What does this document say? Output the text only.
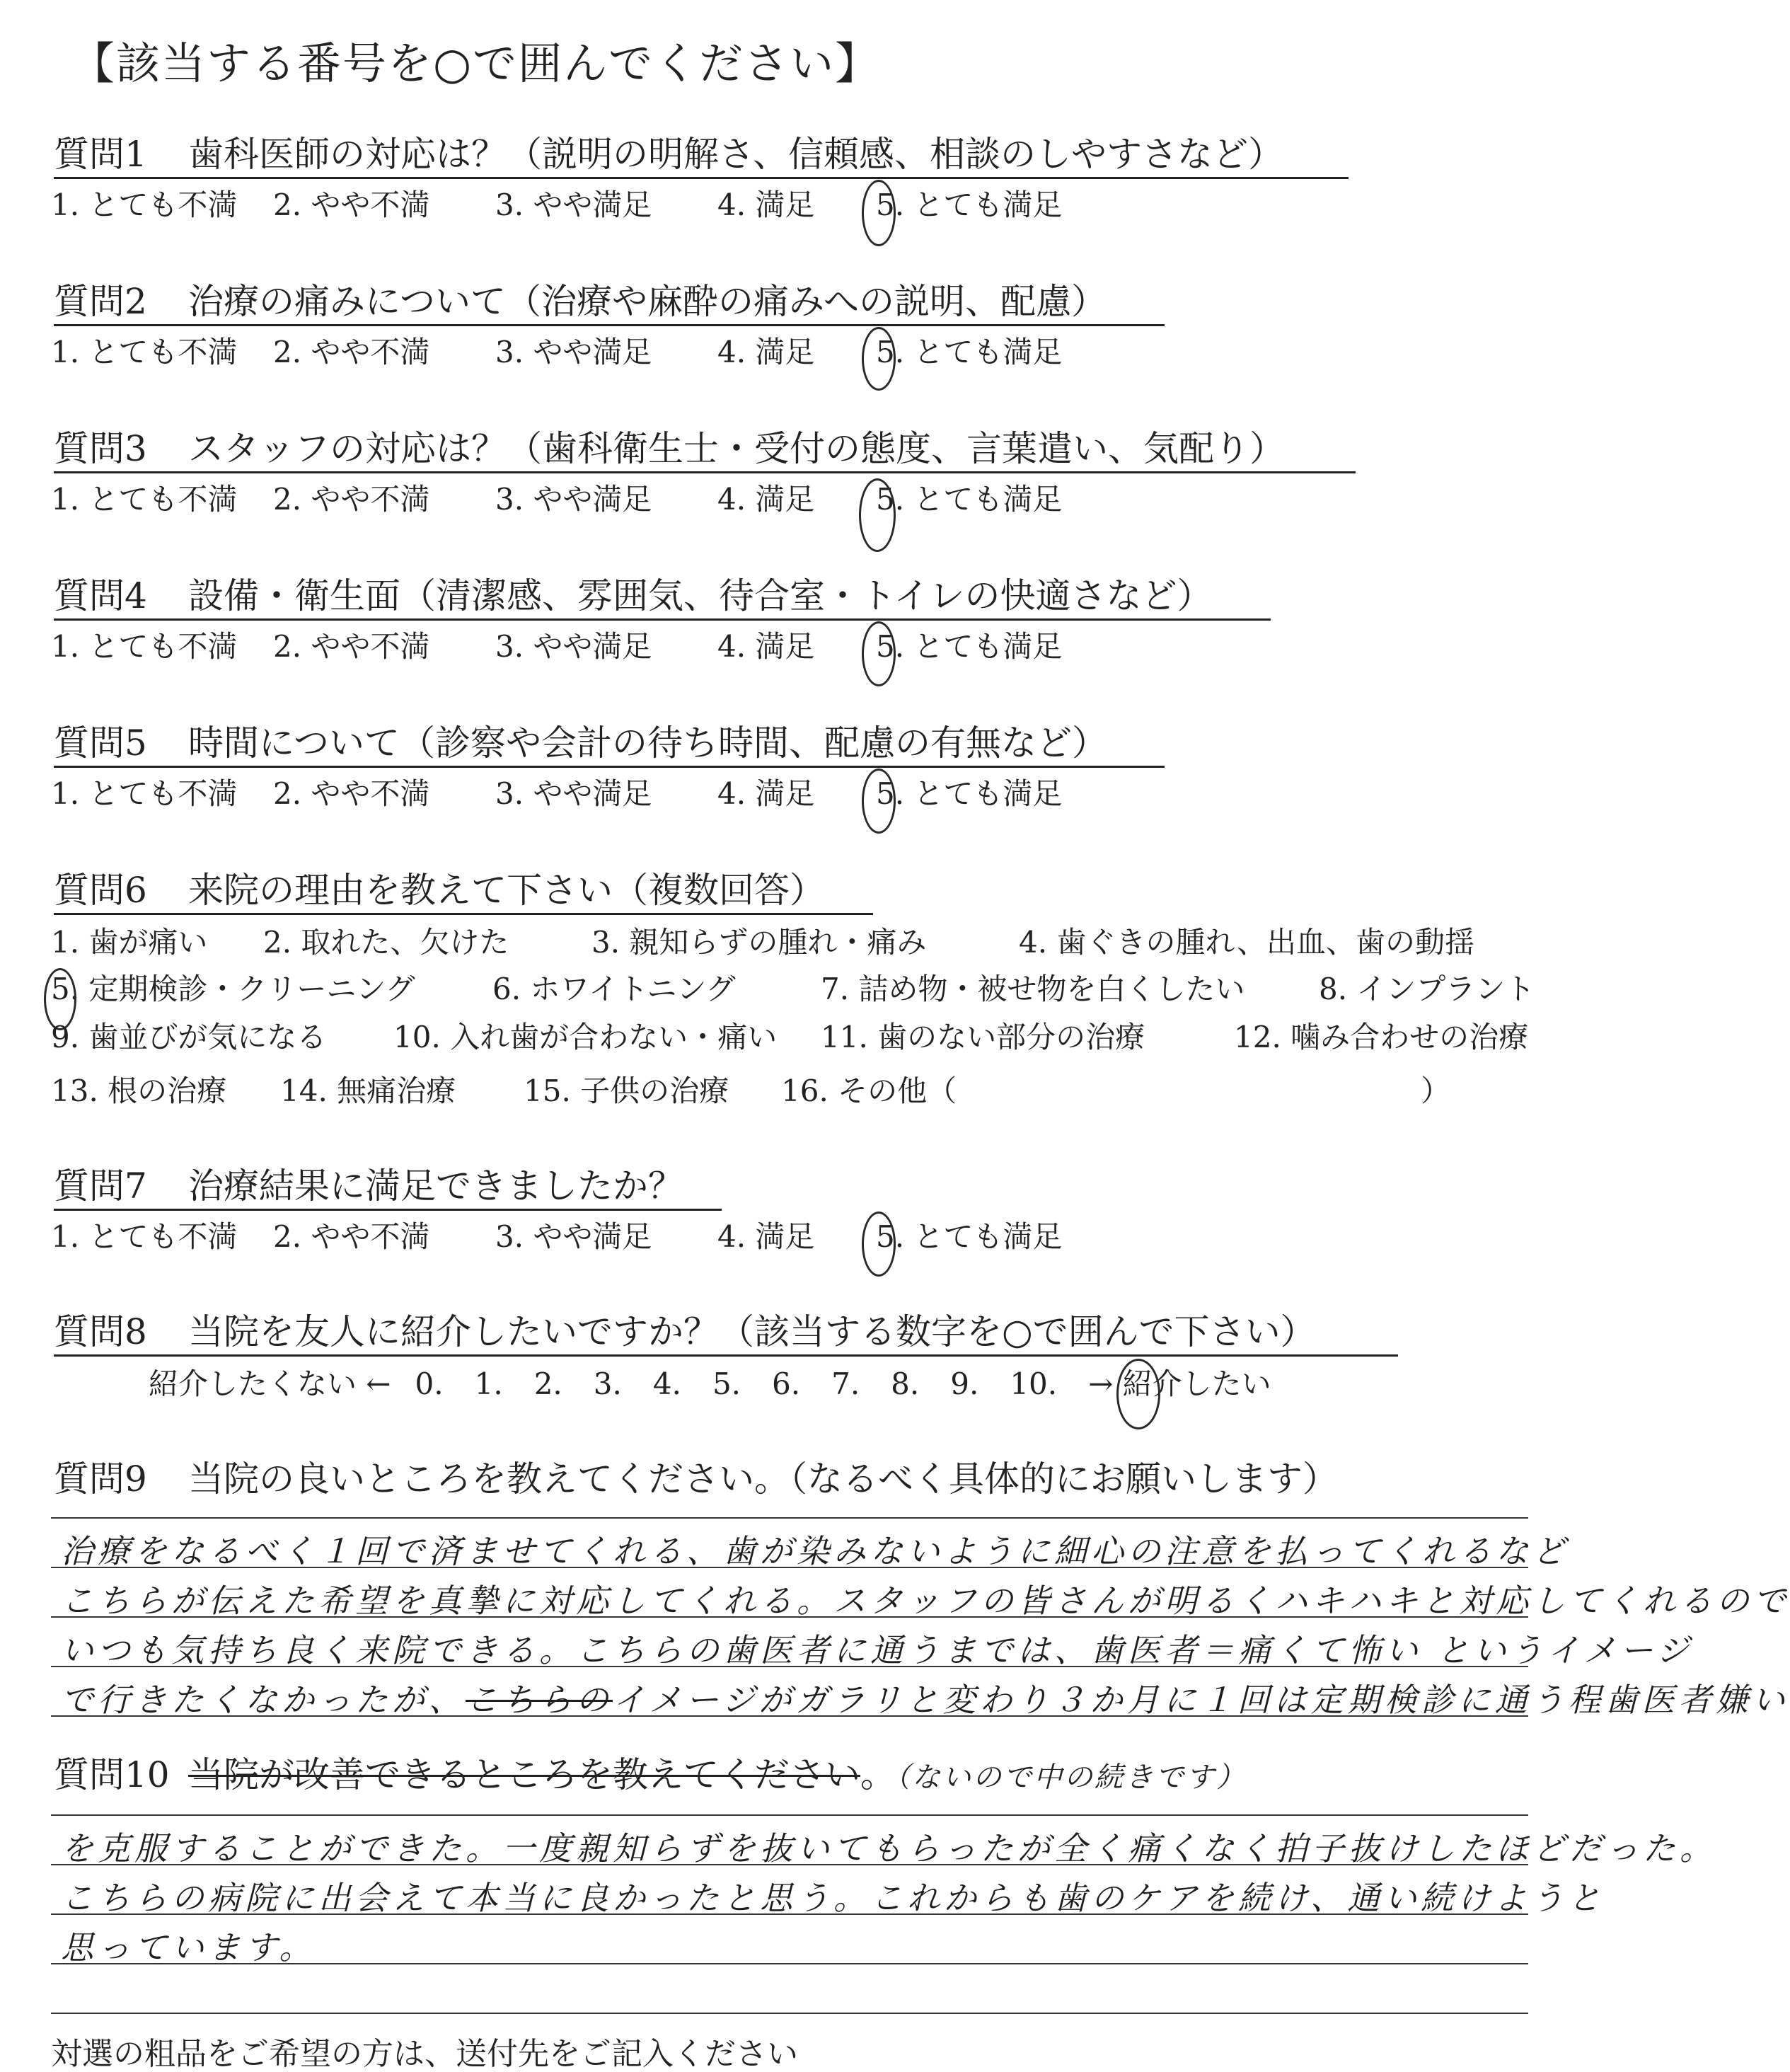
【該当する番号を○で囲んでください】
質問1 歯科医師の対応は？（説明の明解さ、信頼感、相談のしやすさなど）
1. とても不満 2. やや不満 3. やや満足 4. 満足 5. とても満足
質問2 治療の痛みについて（治療や麻酔の痛みへの説明、配慮）
1. とても不満 2. やや不満 3. やや満足 4. 満足 5. とても満足
質問3 スタッフの対応は？（歯科衛生士・受付の態度、言葉遣い、気配り）
1. とても不満 2. やや不満 3. やや満足 4. 満足 5. とても満足
質問4 設備・衛生面（清潔感、雰囲気、待合室・トイレの快適さなど）
1. とても不満 2. やや不満 3. やや満足 4. 満足 5. とても満足
質問5 時間について（診察や会計の待ち時間、配慮の有無など）
1. とても不満 2. やや不満 3. やや満足 4. 満足 5. とても満足
質問6 来院の理由を教えて下さい（複数回答）
1. 歯が痛い 2. 取れた、欠けた	3. 親知らずの腫れ・痛み	4. 歯ぐきの腫れ、出血、歯の動揺
5. 定期検診・クリーニング	6. ホワイトニング	7. 詰め物・被せ物を白くしたい 8. インプラント
9. 歯並びが気になる 10. 入れ歯が合わない・痛い 11. 歯のない部分の治療	12. 噛み合わせの治療
13. 根の治療 14. 無痛治療 15. 子供の治療 16. その他（	）
質問7 治療結果に満足できましたか？
1. とても不満 2. やや不満 3. やや満足 4. 満足 5. とても満足
質問8 当院を友人に紹介したいですか？（該当する数字を○で囲んで下さい）
紹介したくない ← 0. 1. 2. 3. 4. 5. 6. 7. 8. 9. 10. → 紹介したい
質問9 当院の良いところを教えてください。（なるべく具体的にお願いします）
治療をなるべく１回で済ませてくれる、歯が染みないように細心の注意を払ってくれるなど
こちらが伝えた希望を真摯に対応してくれる。スタッフの皆さんが明るくハキハキと対応してくれるので
いつも気持ち良く来院できる。こちらの歯医者に通うまでは、歯医者＝痛くて怖い というイメージ
で行きたくなかったが、こちらのイメージがガラリと変わり３か月に１回は定期検診に通う程歯医者嫌い
質問10 当院が改善できるところを教えてください。（ないので中の続きです）
を克服することができた。一度親知らずを抜いてもらったが全く痛くなく拍子抜けしたほどだった。
こちらの病院に出会えて本当に良かったと思う。これからも歯のケアを続け、通い続けようと
思っています。
対選の粗品をご希望の方は、送付先をご記入ください
